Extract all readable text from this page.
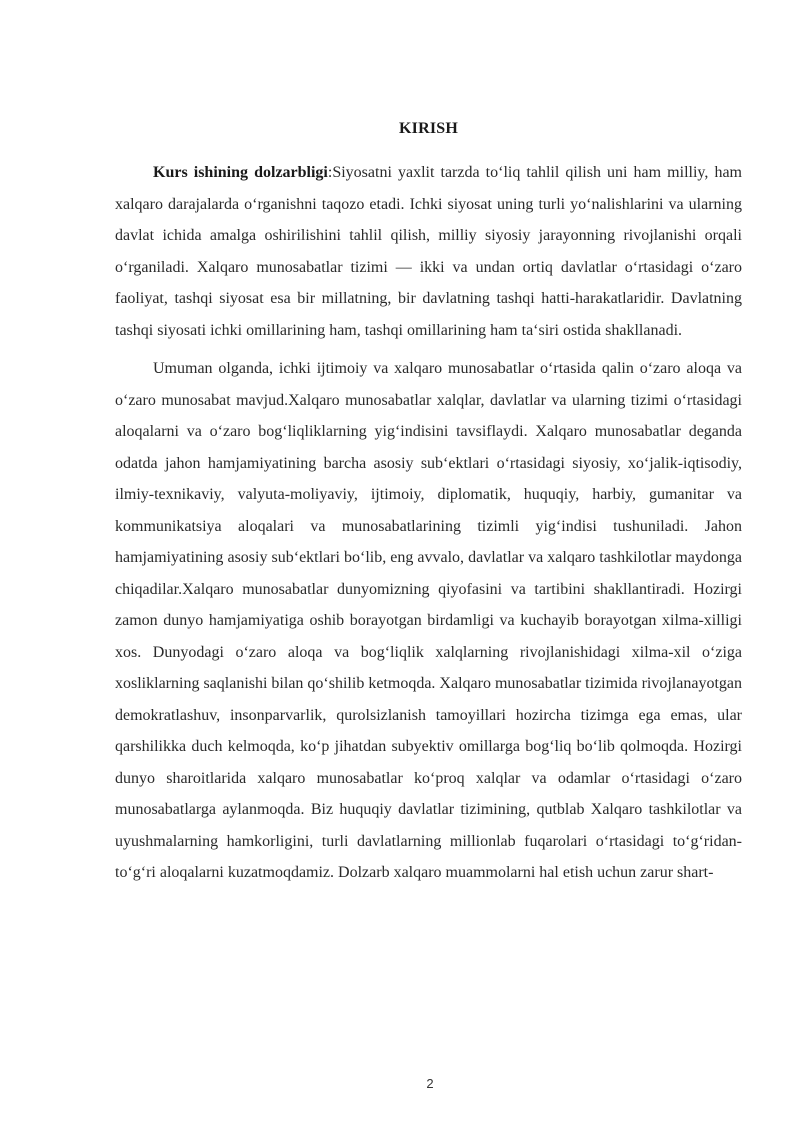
KIRISH

Kurs ishining dolzarbligi:Siyosatni yaxlit tarzda to‘liq tahlil qilish uni ham milliy, ham xalqaro darajalarda o‘rganishni taqozo etadi. Ichki siyosat uning turli yo‘nalishlarini va ularning davlat ichida amalga oshirilishini tahlil qilish, milliy siyosiy jarayonning rivojlanishi orqali o‘rganiladi. Xalqaro munosabatlar tizimi — ikki va undan ortiq davlatlar o‘rtasidagi o‘zaro faoliyat, tashqi siyosat esa bir millatning, bir davlatning tashqi hatti-harakatlaridir. Davlatning tashqi siyosati ichki omillarining ham, tashqi omillarining ham ta‘siri ostida shakllanadi.

Umuman olganda, ichki ijtimoiy va xalqaro munosabatlar o‘rtasida qalin o‘zaro aloqa va o‘zaro munosabat mavjud.Xalqaro munosabatlar xalqlar, davlatlar va ularning tizimi o‘rtasidagi aloqalarni va o‘zaro bog‘liqliklarning yig‘indisini tavsiflaydi. Xalqaro munosabatlar deganda odatda jahon hamjamiyatining barcha asosiy sub‘ektlari o‘rtasidagi siyosiy, xo‘jalik-iqtisodiy, ilmiy-texnikaviy, valyuta-moliyaviy, ijtimoiy, diplomatik, huquqiy, harbiy, gumanitar va kommunikatsiya aloqalari va munosabatlarining tizimli yig‘indisi tushuniladi. Jahon hamjamiyatining asosiy sub‘ektlari bo‘lib, eng avvalo, davlatlar va xalqaro tashkilotlar maydonga chiqadilar.Xalqaro munosabatlar dunyomizning qiyofasini va tartibini shakllantiradi. Hozirgi zamon dunyo hamjamiyatiga oshib borayotgan birdamligi va kuchayib borayotgan xilma-xilligi xos. Dunyodagi o‘zaro aloqa va bog‘liqlik xalqlarning rivojlanishidagi xilma-xil o‘ziga xosliklarning saqlanishi bilan qo‘shilib ketmoqda. Xalqaro munosabatlar tizimida rivojlanayotgan demokratlashuv, insonparvarlik, qurolsizlanish tamoyillari hozircha tizimga ega emas, ular qarshilikka duch kelmoqda, ko‘p jihatdan subyektiv omillarga bog‘liq bo‘lib qolmoqda. Hozirgi dunyo sharoitlarida xalqaro munosabatlar ko‘proq xalqlar va odamlar o‘rtasidagi o‘zaro munosabatlarga aylanmoqda. Biz huquqiy davlatlar tizimining, qutblab Xalqaro tashkilotlar va uyushmalarning hamkorligini, turli davlatlarning millionlab fuqarolari o‘rtasidagi to‘g‘ridan-to‘g‘ri aloqalarni kuzatmoqdamiz. Dolzarb xalqaro muammolarni hal etish uchun zarur shart-

2
